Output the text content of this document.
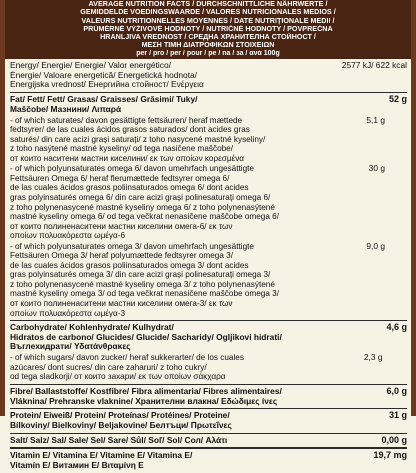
AVERAGE NUTRITION FACTS / DURCHSCHNITTLICHE NÄHRWERTE /
GEMIDDELDE VOEDINGSWAARDE / VALORES NUTRICIONALES MEDIOS /
VALEURS NUTRITIONNELLES MOYENNES / DATE NUTRIȚIONALE MEDII /
PRŮMĚRNÉ VÝŽIVOVÉ HODNOTY / NUTRIČNÉ HODNOTY / POVPREČNA
HRANLJIVA VREDNOST / СРЕДНА ХРАНИТЕЛНА СТОЙНОСТ /
ΜΕΣΗ ΤΙΜΗ ΔΙΑΤΡΟΦΙΚΩΝ ΣΤΟΙΧΕΙΩΝ
per / pro / per / pour / pe / na / за / ανά 100g
Energy/ Energie/ Energie/ Valor energético/
Énergie/ Valoare energetică/ Energetická hodnota/
Energijska vrednost/ Енергийна стойност/ Ενέργεια
2577 kJ/ 622 kcal
Fat/ Fett/ Fett/ Grasas/ Graisses/ Grăsimi/ Tuky/
Maščobe/ Мазнини/ Λιπαρά
- of which saturates/ davon gesättigte fettsäuren/ heraf mættede
fedtsyrer/ de las cuales ácidos grasos saturados/ dont acides gras
saturés/ din care acizi grași saturați/ z toho nasycené mastné kyseliny/
z toho nasýtené mastné kyseliny/ od tega nasičene maščobe/
от които наситени мастни киселини/ εκ των οποίων κορεσμένα
5,1 g
- of which polyunsaturates omega 6/ davon umehrfach ungesättigte
Fettsäuren Omega 6/ heraf flerumættede fedtsyrer omega 6/
de las cuales ácidos grasos poliinsaturados omega 6/ dont acides
gras polyinsaturés omega 6/ din care acizi grași polinesaturați omega 6/
z toho polynenasycené mastné kyseliny omega 6/ z toho polynenasýtené
mastné kyseliny omega 6/ od tega večkrat nenasičene maščobe omega 6/
от които полиненаситени мастни киселини омега-6/ εκ των
οποίων πολυακόρεστα ωμέγα-6
30 g
- of which polyunsaturates omega 3/ davon umehrfach ungesättigte
Fettsäuren Omega 3/ heraf polyumættede fedtsyrer omega 3/
de las cuales ácidos grasos poliinsaturados omega 3/ dont acides
gras polyinsaturés omega 3/ din care acizi grași polinesaturați omega 3/
z toho polynenasycené mastné kyseliny omega 3/ z toho polynenasýtené
mastné kyseliny omega 3/ od tega večkrat nenasičene maščobe omega 3/
от които полиненаситени мастни киселини омега-3/ εκ των
οποίων πολυακόρεστα ωμέγα-3
9,0 g
52 g
Carbohydrate/ Kohlenhydrate/ Kulhydrat/
Hidratos de carbono/ Glucides/ Glucide/ Sacharidy/ Ogljikovi hidrati/
Въглехидрати/ Υδατάνθρακες
- of which sugars/ davon zucker/ heraf sukkerarter/ de los cuales
azúcares/ dont sucres/ din care zaharuri/ z toho cukry/
od tega sladkorji/ от които захари/ εκ των οποίων σάκχαρα
2,3 g
4,6 g
Fibre/ Ballaststoffe/ Kostfibre/ Fibra alimentaria/ Fibres alimentaires/
Vláknina/ Prehranske vlaknine/ Хранителни влакна/ Εδώδιμες ίνες
6,0 g
Protein/ Eiweiß/ Protein/ Proteínas/ Protéines/ Proteine/
Bílkoviny/ Bielkoviny/ Beljakovine/ Белтъци/ Πρωτεΐνες
31 g
Salt/ Salz/ Sal/ Sale/ Sel/ Sare/ Sůl/ Soľ/ Sol/ Сол/ Αλάτι	0,00 g
Vitamin E/ Vitamina E/ Vitamine E/ Vitamina E/
Vitamín E/ Витамин Е/ Βιταμίνη Ε
19,7 mg
